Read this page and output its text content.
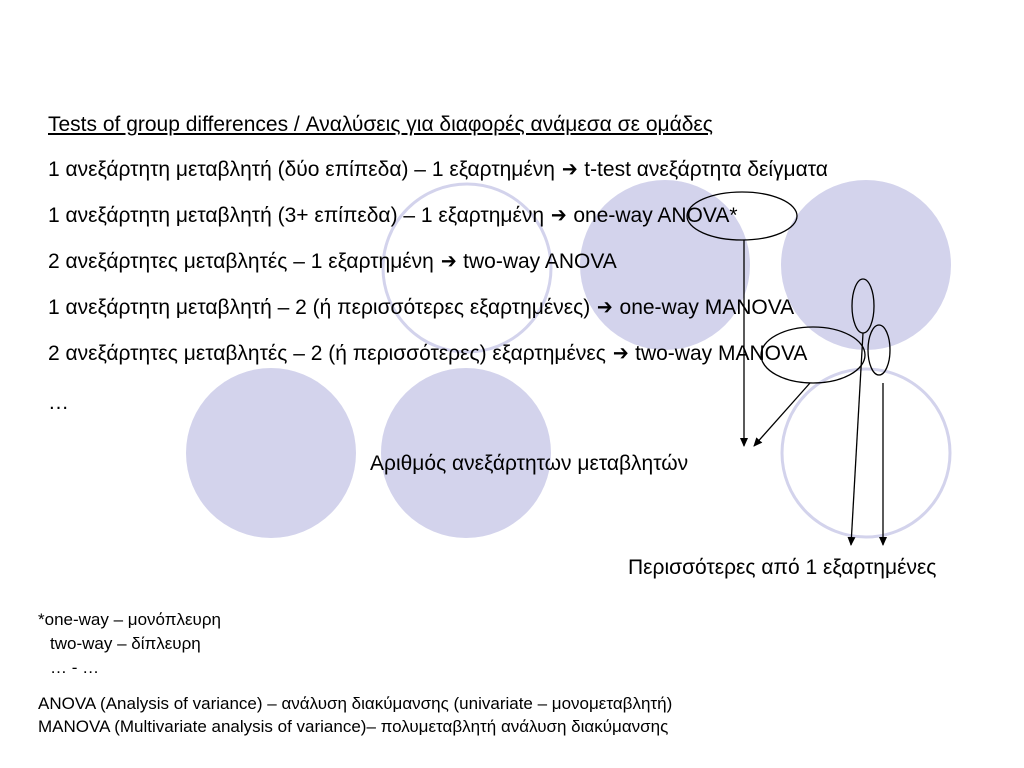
Tests of group differences / Αναλύσεις για διαφορές ανάμεσα σε ομάδες
1 ανεξάρτητη μεταβλητή (δύο επίπεδα) – 1 εξαρτημένη ➔ t-test ανεξάρτητα δείγματα
1 ανεξάρτητη μεταβλητή (3+ επίπεδα) – 1 εξαρτημένη ➔ one-way ANOVA*
2 ανεξάρτητες μεταβλητές – 1 εξαρτημένη ➔ two-way ANOVA
1 ανεξάρτητη μεταβλητή – 2 (ή περισσότερες εξαρτημένες) ➔ one-way MANOVA
2 ανεξάρτητες μεταβλητές – 2 (ή περισσότερες) εξαρτημένες ➔ two-way MANOVA
…
Αριθμός ανεξάρτητων μεταβλητών
Περισσότερες από 1 εξαρτημένες
*one-way – μονόπλευρη
two-way – δίπλευρη
… - …
ANOVA (Analysis of variance) – ανάλυση διακύμανσης (univariate – μονομεταβλητή)
MANOVA (Multivariate analysis of variance)– πολυμεταβλητή ανάλυση διακύμανσης
